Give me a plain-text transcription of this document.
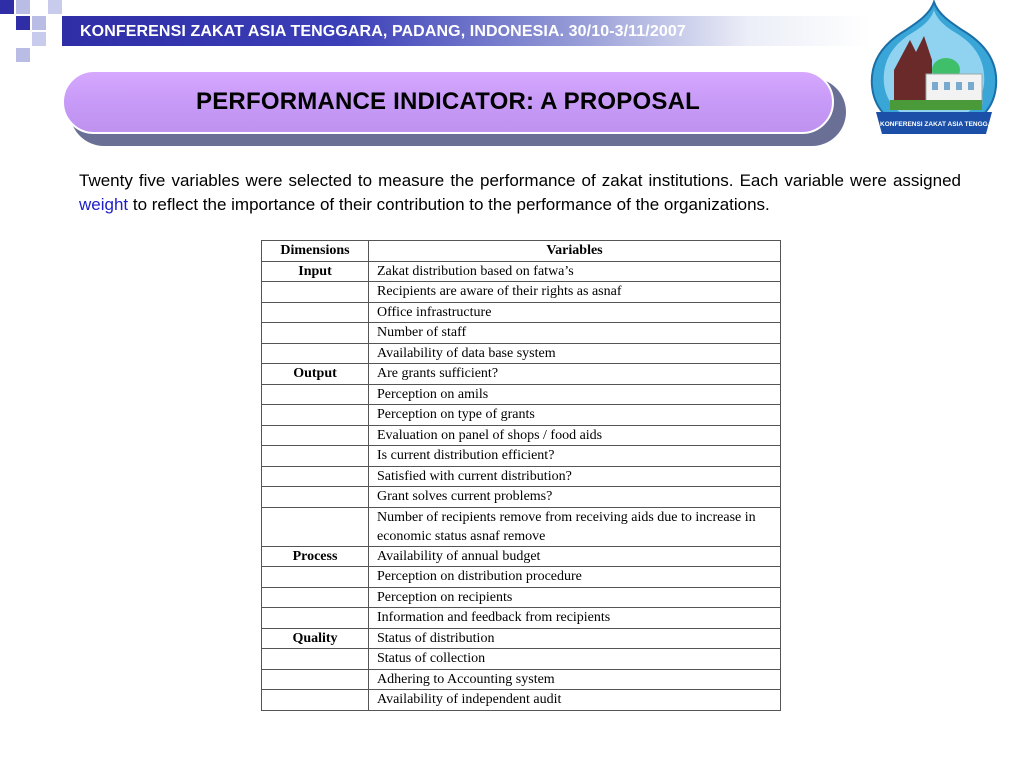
KONFERENSI ZAKAT ASIA TENGGARA, PADANG, INDONESIA. 30/10-3/11/2007
KONFERENSI ZAKAT ASIA TENGGARA
PERFORMANCE INDICATOR: A PROPOSAL
Twenty five variables were selected to measure the performance of zakat institutions. Each variable were assigned weight to reflect the importance of their contribution to the performance of the organizations.
Dimensions	Variables
Input	Zakat distribution based on fatwa’s
	Recipients are aware of their rights as asnaf
	Office infrastructure
	Number of staff
	Availability of data base system
Output	Are grants sufficient?
	Perception on amils
	Perception on type of grants
	Evaluation on panel of shops / food aids
	Is current distribution efficient?
	Satisfied with current distribution?
	Grant solves current problems?
	Number of recipients remove from receiving aids due to increase in economic status asnaf remove
Process	Availability of annual budget
	Perception on distribution procedure
	Perception on recipients
	Information and feedback from recipients
Quality	Status of distribution
	Status of collection
	Adhering to Accounting system
	Availability of independent audit
